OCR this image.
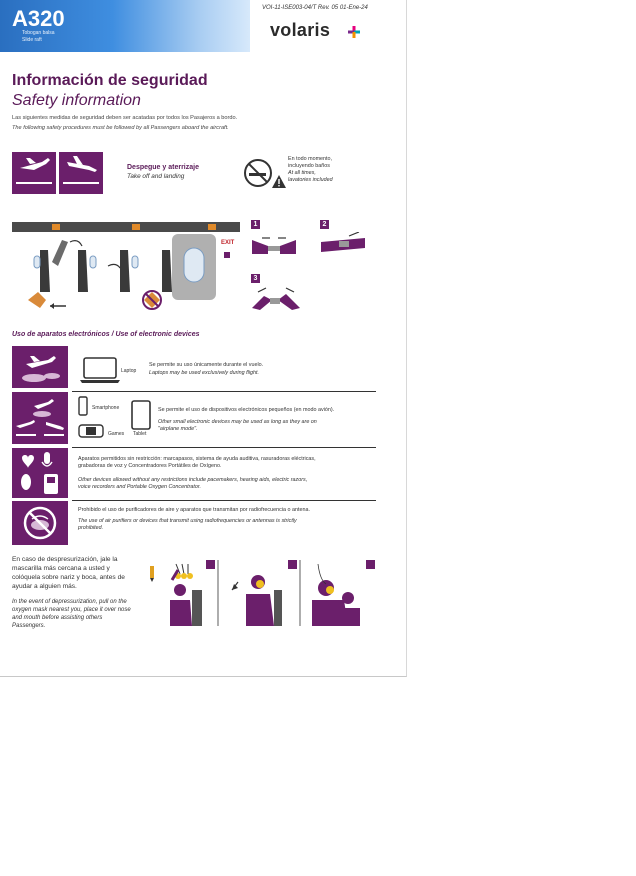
A320
Tobogan balsa
Slide raft
VOI-11-ISE003-04/T Rev. 05 01-Ene-24
volaris
Información de seguridad
Safety information
Las siguientes medidas de seguridad deben ser acatadas por todos los Pasajeros a bordo.
The following safety procedures must be followed by all Passengers aboard the aircraft.
Despegue y aterrizaje
Take off and landing
En todo momento,
incluyendo baños
At all times,
lavatories included
EXIT
1	2
3
Uso de aparatos electrónicos / Use of electronic devices
Laptop
Se permite su uso únicamente durante el vuelo.
Laptops may be used exclusively during flight.
Smartphone
Games Tablet
Se permite el uso de dispositivos electrónicos pequeños (en modo avión).
Other small electronic devices may be used as long as they are on
"airplane mode".
Aparatos permitidos sin restricción: marcapasos, sistema de ayuda auditiva, rasuradoras eléctricas,
grabadoras de voz y Concentradores Portátiles de Oxígeno.
Other devices allowed without any restrictions include pacemakers, hearing aids, electric razors,
voice recorders and Portable Oxygen Concentrator.
Prohibido el uso de purificadores de aire y aparatos que transmitan por radiofrecuencia o antena.
The use of air purifiers or devices that transmit using radiofrequencies or antennas is strictly
prohibited.
En caso de despresurización, jale la mascarilla más cercana a usted y colóquela sobre nariz y boca, antes de ayudar a alguien más.
In the event of depressurization, pull on the oxygen mask nearest you, place it over nose and mouth before assisting others Passengers.
